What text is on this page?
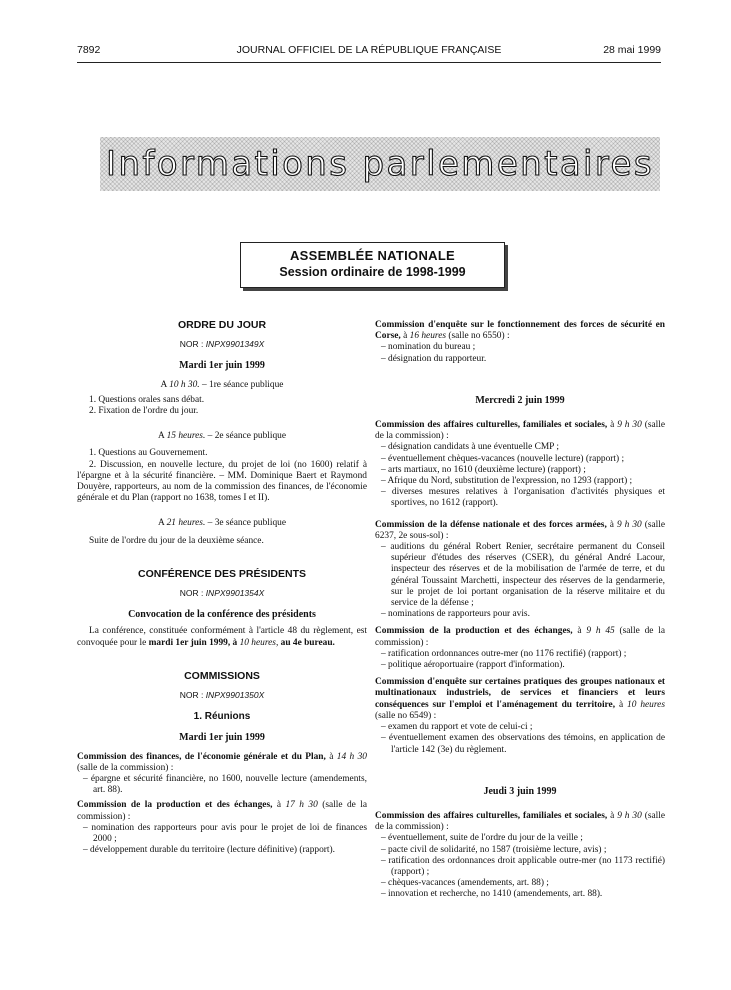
7892	JOURNAL OFFICIEL DE LA RÉPUBLIQUE FRANÇAISE	28 mai 1999
Informations parlementaires
ASSEMBLÉE NATIONALE
Session ordinaire de 1998-1999

ORDRE DU JOUR

NOR : INPX9901349X

Mardi 1er juin 1999

A 10 h 30. – 1re séance publique

1. Questions orales sans débat.

2. Fixation de l'ordre du jour.

A 15 heures. – 2e séance publique

1. Questions au Gouvernement.

2. Discussion, en nouvelle lecture, du projet de loi (no 1600) relatif à l'épargne et à la sécurité financière. – MM. Dominique Baert et Raymond Douyère, rapporteurs, au nom de la commission des finances, de l'économie générale et du Plan (rapport no 1638, tomes I et II).

A 21 heures. – 3e séance publique

Suite de l'ordre du jour de la deuxième séance.

CONFÉRENCE DES PRÉSIDENTS

NOR : INPX9901354X

Convocation de la conférence des présidents

La conférence, constituée conformément à l'article 48 du règlement, est convoquée pour le mardi 1er juin 1999, à 10 heures, au 4e bureau.

COMMISSIONS

NOR : INPX9901350X

1. Réunions

Mardi 1er juin 1999

Commission des finances, de l'économie générale et du Plan, à 14 h 30 (salle de la commission) :

– épargne et sécurité financière, no 1600, nouvelle lecture (amendements, art. 88).

Commission de la production et des échanges, à 17 h 30 (salle de la commission) :

– nomination des rapporteurs pour avis pour le projet de loi de finances 2000 ;

– développement durable du territoire (lecture définitive) (rapport).

Commission d'enquête sur le fonctionnement des forces de sécurité en Corse, à 16 heures (salle no 6550) :

– nomination du bureau ;

– désignation du rapporteur.

Mercredi 2 juin 1999

Commission des affaires culturelles, familiales et sociales, à 9 h 30 (salle de la commission) :

– désignation candidats à une éventuelle CMP ;

– éventuellement chèques-vacances (nouvelle lecture) (rapport) ;

– arts martiaux, no 1610 (deuxième lecture) (rapport) ;

– Afrique du Nord, substitution de l'expression, no 1293 (rapport) ;

– diverses mesures relatives à l'organisation d'activités physiques et sportives, no 1612 (rapport).

Commission de la défense nationale et des forces armées, à 9 h 30 (salle 6237, 2e sous-sol) :

– auditions du général Robert Renier, secrétaire permanent du Conseil supérieur d'études des réserves (CSER), du général André Lacour, inspecteur des réserves et de la mobilisation de l'armée de terre, et du général Toussaint Marchetti, inspecteur des réserves de la gendarmerie, sur le projet de loi portant organisation de la réserve militaire et du service de la défense ;

– nominations de rapporteurs pour avis.

Commission de la production et des échanges, à 9 h 45 (salle de la commission) :

– ratification ordonnances outre-mer (no 1176 rectifié) (rapport) ;

– politique aéroportuaire (rapport d'information).

Commission d'enquête sur certaines pratiques des groupes nationaux et multinationaux industriels, de services et financiers et leurs conséquences sur l'emploi et l'aménagement du territoire, à 10 heures (salle no 6549) :

– examen du rapport et vote de celui-ci ;

– éventuellement examen des observations des témoins, en application de l'article 142 (3e) du règlement.

Jeudi 3 juin 1999

Commission des affaires culturelles, familiales et sociales, à 9 h 30 (salle de la commission) :

– éventuellement, suite de l'ordre du jour de la veille ;

– pacte civil de solidarité, no 1587 (troisième lecture, avis) ;

– ratification des ordonnances droit applicable outre-mer (no 1173 rectifié) (rapport) ;

– chèques-vacances (amendements, art. 88) ;

– innovation et recherche, no 1410 (amendements, art. 88).
